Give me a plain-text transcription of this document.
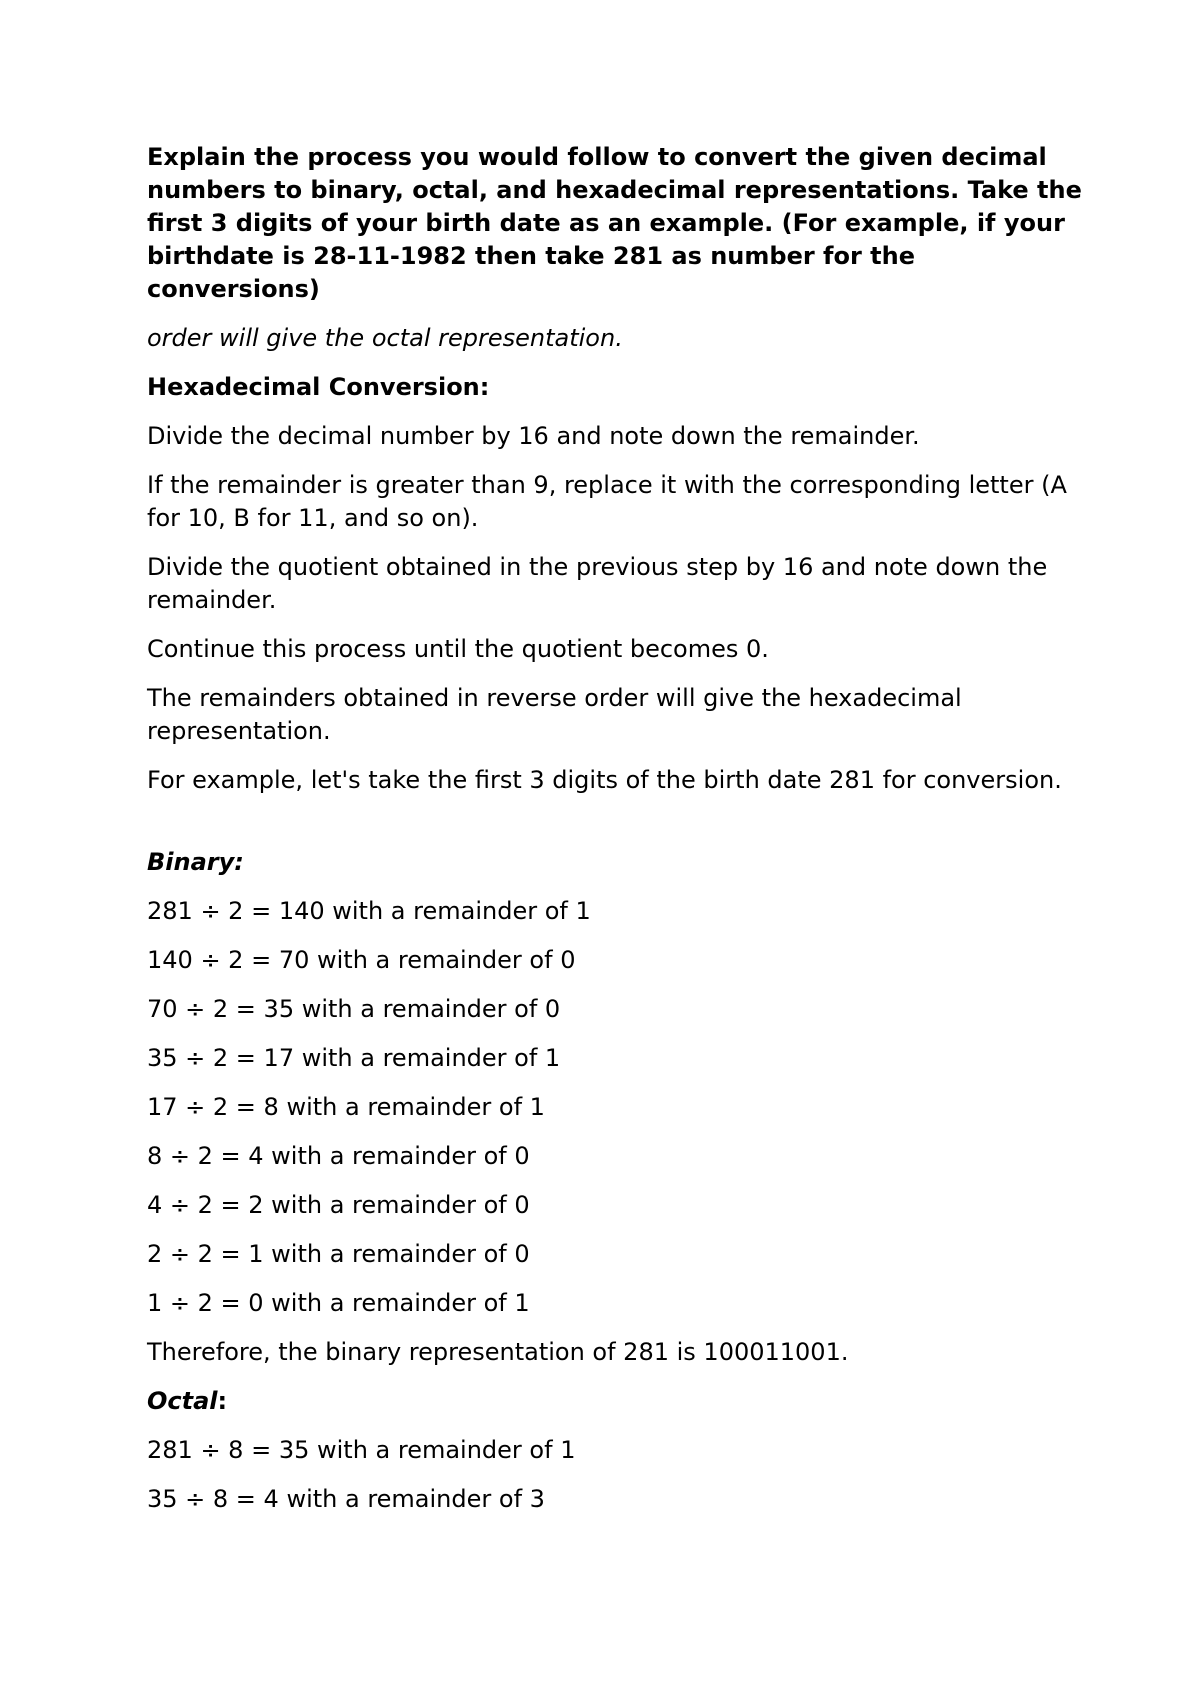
Explain the process you would follow to convert the given decimal numbers to binary, octal, and hexadecimal representations. Take the first 3 digits of your birth date as an example. (For example, if your birthdate is 28-11-1982 then take 281 as number for the conversions)

order will give the octal representation.

Hexadecimal Conversion:

Divide the decimal number by 16 and note down the remainder.

If the remainder is greater than 9, replace it with the corresponding letter (A for 10, B for 11, and so on).

Divide the quotient obtained in the previous step by 16 and note down the remainder.

Continue this process until the quotient becomes 0.

The remainders obtained in reverse order will give the hexadecimal representation.

For example, let's take the first 3 digits of the birth date 281 for conversion.

Binary:

281 ÷ 2 = 140 with a remainder of 1

140 ÷ 2 = 70 with a remainder of 0

70 ÷ 2 = 35 with a remainder of 0

35 ÷ 2 = 17 with a remainder of 1

17 ÷ 2 = 8 with a remainder of 1

8 ÷ 2 = 4 with a remainder of 0

4 ÷ 2 = 2 with a remainder of 0

2 ÷ 2 = 1 with a remainder of 0

1 ÷ 2 = 0 with a remainder of 1

Therefore, the binary representation of 281 is 100011001.

Octal:

281 ÷ 8 = 35 with a remainder of 1

35 ÷ 8 = 4 with a remainder of 3
